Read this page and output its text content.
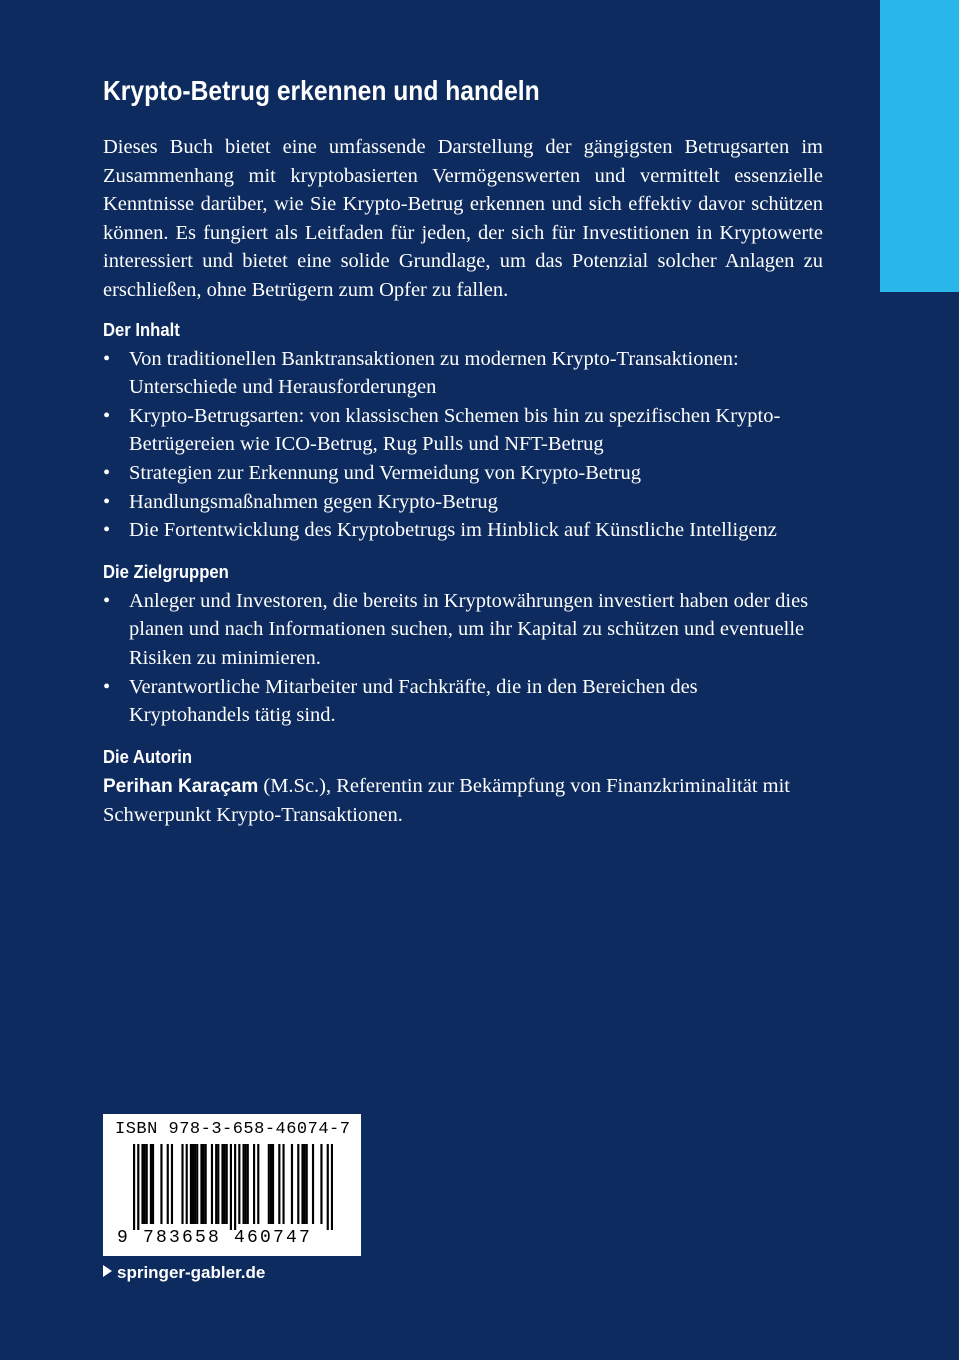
Krypto-Betrug erkennen und handeln

Dieses Buch bietet eine umfassende Darstellung der gängigsten Betrugsarten im Zusammenhang mit kryptobasierten Vermögenswerten und vermittelt essenzielle Kenntnisse darüber, wie Sie Krypto-Betrug erkennen und sich effektiv davor schützen können. Es fungiert als Leitfaden für jeden, der sich für Investitionen in Kryptowerte interessiert und bietet eine solide Grundlage, um das Potenzial solcher Anlagen zu erschließen, ohne Betrügern zum Opfer zu fallen.

Der Inhalt
• Von traditionellen Banktransaktionen zu modernen Krypto-Transaktionen: Unterschiede und Herausforderungen
• Krypto-Betrugsarten: von klassischen Schemen bis hin zu spezifischen Krypto-Betrügereien wie ICO-Betrug, Rug Pulls und NFT-Betrug
• Strategien zur Erkennung und Vermeidung von Krypto-Betrug
• Handlungsmaßnahmen gegen Krypto-Betrug
• Die Fortentwicklung des Kryptobetrugs im Hinblick auf Künstliche Intelligenz
Die Zielgruppen
• Anleger und Investoren, die bereits in Kryptowährungen investiert haben oder dies planen und nach Informationen suchen, um ihr Kapital zu schützen und eventuelle Risiken zu minimieren.
• Verantwortliche Mitarbeiter und Fachkräfte, die in den Bereichen des Kryptohandels tätig sind.
Die Autorin

Perihan Karaçam (M.Sc.), Referentin zur Bekämpfung von Finanzkriminalität mit Schwerpunkt Krypto-Transaktionen.

ISBN 978-3-658-46074-7
9 783658 460747
springer-gabler.de
